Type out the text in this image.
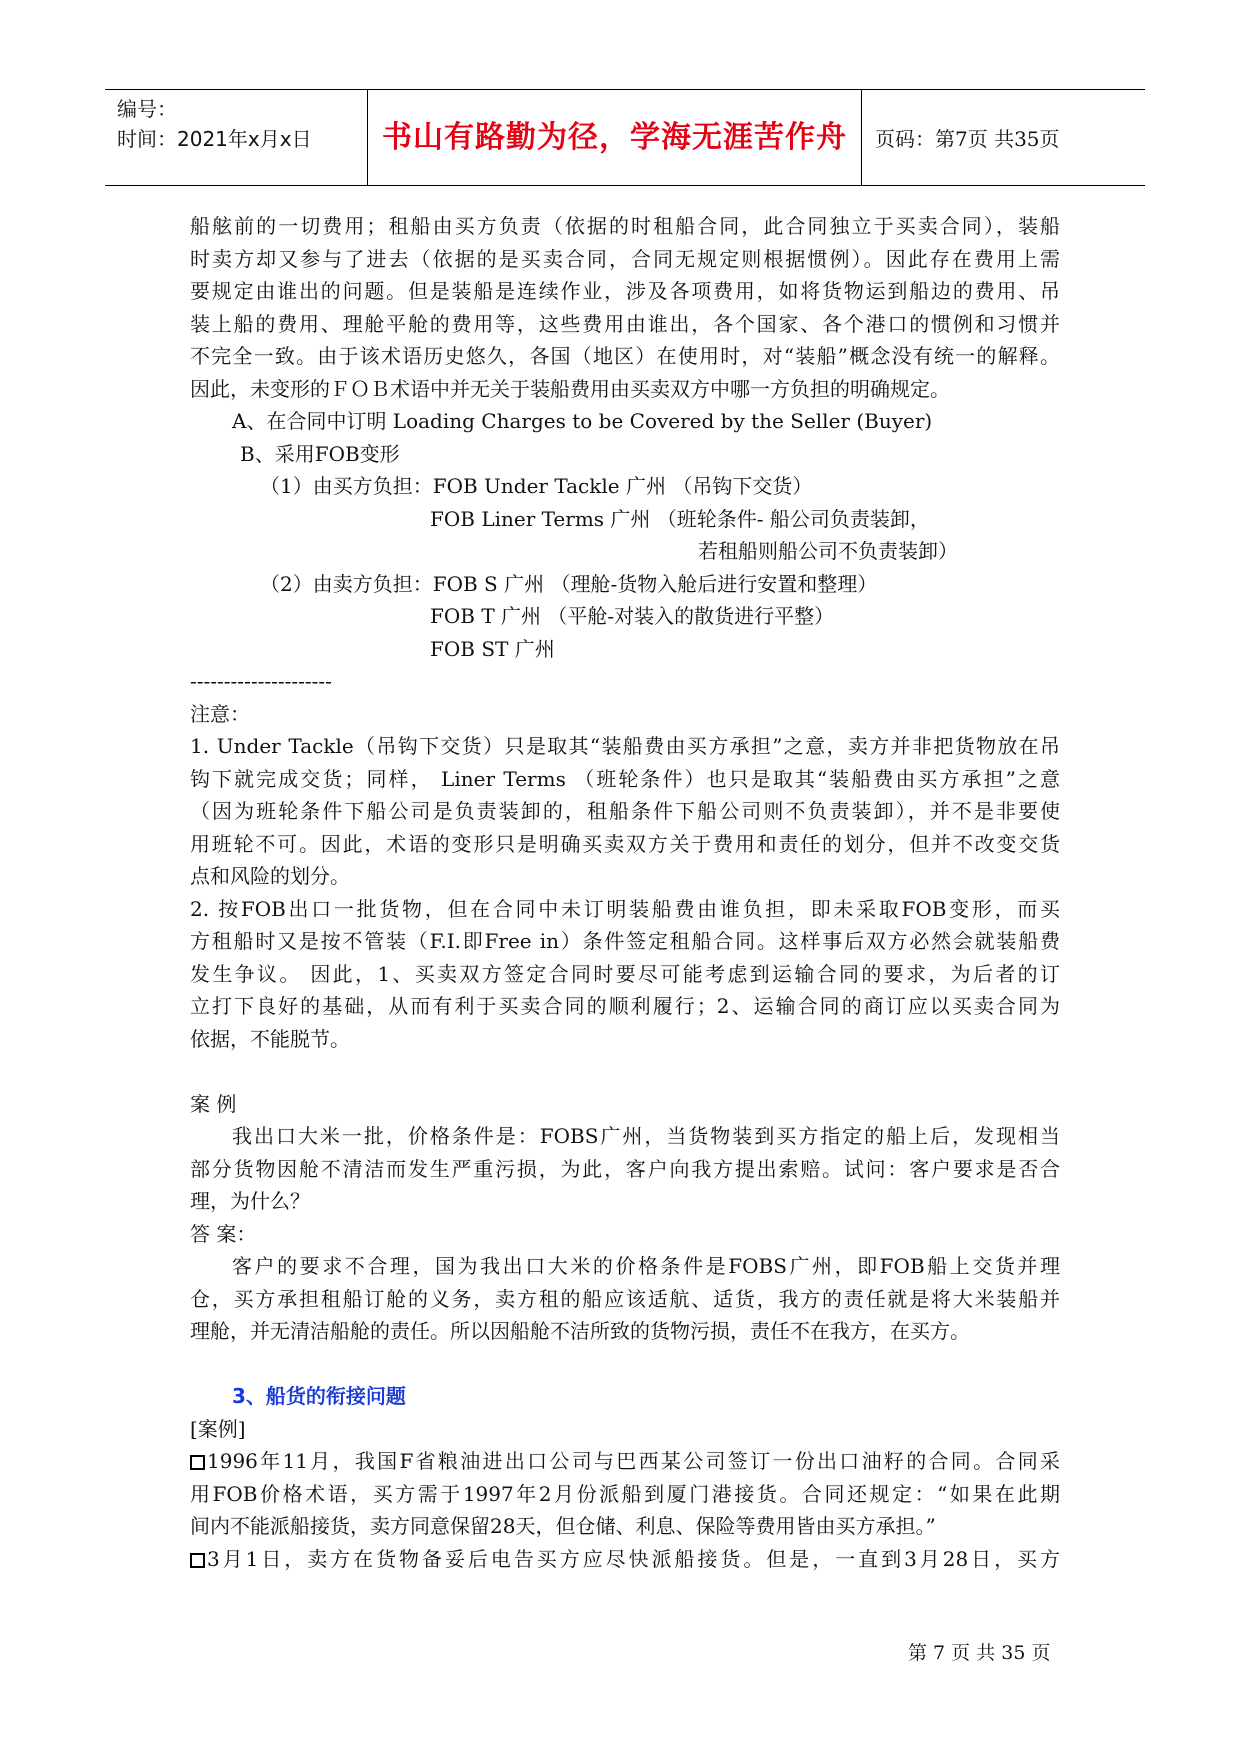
编号：
时间：2021年x月x日	书山有路勤为径，学海无涯苦作舟	页码：第7页 共35页
船舷前的一切费用；租船由买方负责（依据的时租船合同，此合同独立于买卖合同），装船
时卖方却又参与了进去（依据的是买卖合同，合同无规定则根据惯例）。因此存在费用上需
要规定由谁出的问题。但是装船是连续作业，涉及各项费用，如将货物运到船边的费用、吊
装上船的费用、理舱平舱的费用等，这些费用由谁出，各个国家、各个港口的惯例和习惯并
不完全一致。由于该术语历史悠久，各国（地区）在使用时，对“装船”概念没有统一的解释。
因此，未变形的ＦＯＢ术语中并无关于装船费用由买卖双方中哪一方负担的明确规定。
A、在合同中订明 Loading Charges to be Covered by the Seller (Buyer)
B、采用FOB变形
（1）由买方负担：FOB Under Tackle 广州 （吊钩下交货）
FOB Liner Terms 广州 （班轮条件- 船公司负责装卸，
若租船则船公司不负责装卸）
（2）由卖方负担：FOB S 广州 （理舱-货物入舱后进行安置和整理）
FOB T 广州 （平舱-对装入的散货进行平整）
FOB ST 广州
---------------------
注意：
1. Under Tackle（吊钩下交货）只是取其“装船费由买方承担”之意，卖方并非把货物放在吊
钩下就完成交货；同样， Liner Terms （班轮条件）也只是取其“装船费由买方承担”之意
（因为班轮条件下船公司是负责装卸的，租船条件下船公司则不负责装卸），并不是非要使
用班轮不可。因此，术语的变形只是明确买卖双方关于费用和责任的划分，但并不改变交货
点和风险的划分。
2. 按FOB出口一批货物，但在合同中未订明装船费由谁负担，即未采取FOB变形，而买
方租船时又是按不管装（F.I.即Free in）条件签定租船合同。这样事后双方必然会就装船费
发生争议。 因此，1、买卖双方签定合同时要尽可能考虑到运输合同的要求，为后者的订
立打下良好的基础，从而有利于买卖合同的顺利履行；2、运输合同的商订应以买卖合同为
依据，不能脱节。
案 例
我出口大米一批，价格条件是：FOBS广州，当货物装到买方指定的船上后，发现相当
部分货物因舱不清洁而发生严重污损，为此，客户向我方提出索赔。试问：客户要求是否合
理，为什么？
答 案：
客户的要求不合理，国为我出口大米的价格条件是FOBS广州，即FOB船上交货并理
仓，买方承担租船订舱的义务，卖方租的船应该适航、适货，我方的责任就是将大米装船并
理舱，并无清洁船舱的责任。所以因船舱不洁所致的货物污损，责任不在我方，在买方。
3、船货的衔接问题
[案例]
1996年11月，我国F省粮油进出口公司与巴西某公司签订一份出口油籽的合同。合同采
用FOB价格术语，买方需于1997年2月份派船到厦门港接货。合同还规定：“如果在此期
间内不能派船接货，卖方同意保留28天，但仓储、利息、保险等费用皆由买方承担。”
3月1日，卖方在货物备妥后电告买方应尽快派船接货。但是，一直到3月28日，买方
第 7 页 共 35 页
